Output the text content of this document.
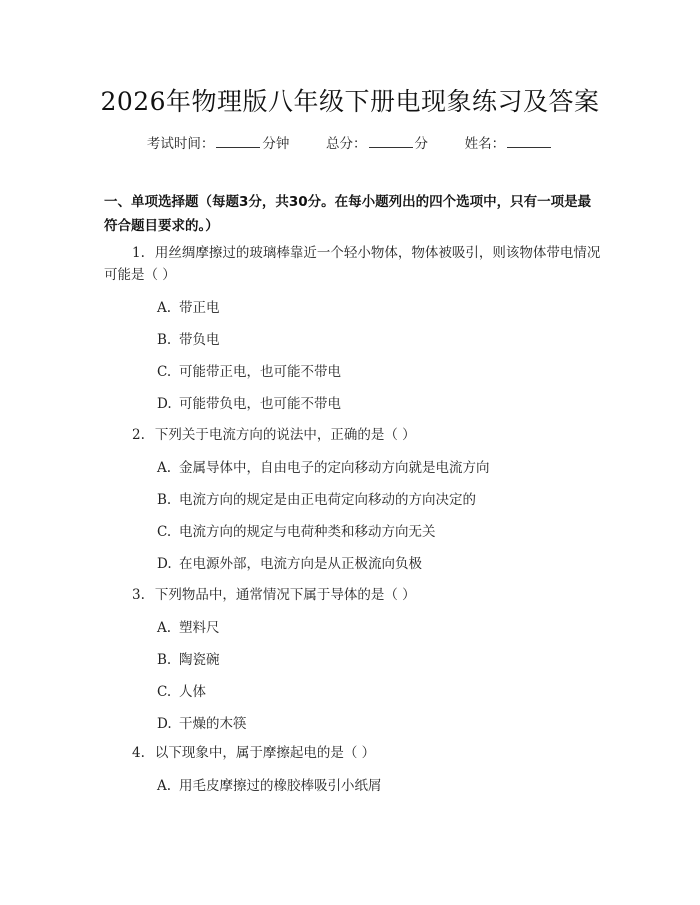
2026年物理版八年级下册电现象练习及答案
考试时间：	分钟	总分：	分	姓名：
一、单项选择题（每题3分，共30分。在每小题列出的四个选项中，只有一项是最符合题目要求的。）
1. 用丝绸摩擦过的玻璃棒靠近一个轻小物体，物体被吸引，则该物体带电情况可能是（ ）
A. 带正电
B. 带负电
C. 可能带正电，也可能不带电
D. 可能带负电，也可能不带电
2. 下列关于电流方向的说法中，正确的是（ ）
A. 金属导体中，自由电子的定向移动方向就是电流方向
B. 电流方向的规定是由正电荷定向移动的方向决定的
C. 电流方向的规定与电荷种类和移动方向无关
D. 在电源外部，电流方向是从正极流向负极
3. 下列物品中，通常情况下属于导体的是（ ）
A. 塑料尺
B. 陶瓷碗
C. 人体
D. 干燥的木筷
4. 以下现象中，属于摩擦起电的是（ ）
A. 用毛皮摩擦过的橡胶棒吸引小纸屑
